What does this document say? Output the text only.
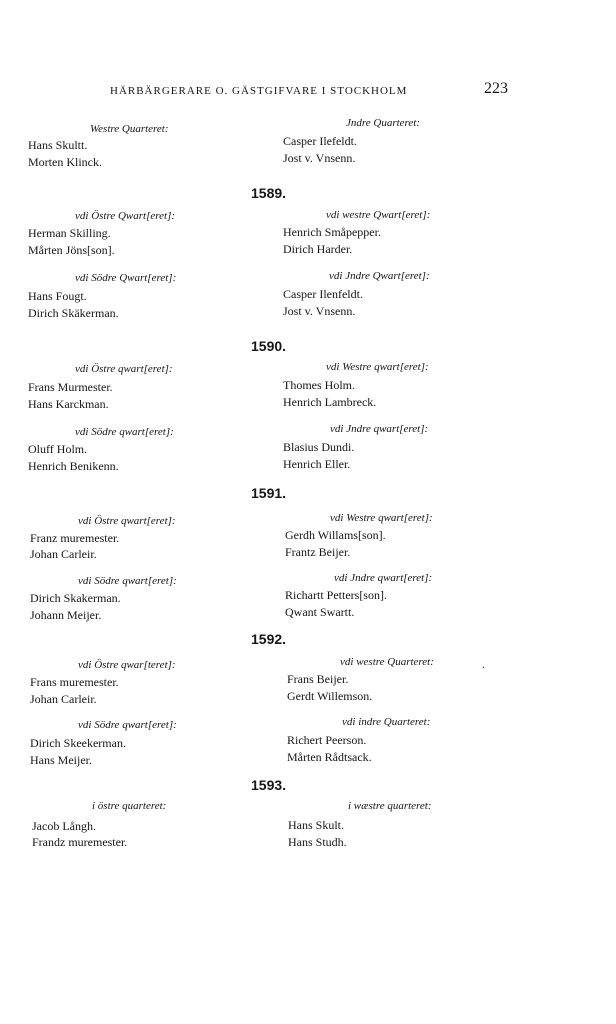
HÄRBÄRGERARE O. GÄSTGIFVARE I STOCKHOLM	223
Westre Quarteret:
Hans Skultt.
Morten Klinck.
vdi Östre Qwart[eret]:
Herman Skilling.
Mårten Jöns[son].
vdi Södre Qwart[eret]:
Hans Fougt.
Dirich Skäkerman.
vdi Östre qwart[eret]:
Frans Murmester.
Hans Karckman.
vdi Södre qwart[eret]:
Oluff Holm.
Henrich Benikenn.
vdi Östre qwart[eret]:
Franz muremester.
Johan Carleir.
vdi Södre qwart[eret]:
Dirich Skakerman.
Johann Meijer.
vdi Östre qwar[teret]:
Frans muremester.
Johan Carleir.
vdi Södre qwart[eret]:
Dirich Skeekerman.
Hans Meijer.
i östre quarteret:
Jacob Långh.
Frandz muremester.
Jndre Quarteret:
Casper Ilefeldt.
Jost v. Vnsenn.
1589.
vdi westre Qwart[eret]:
Henrich Småpepper.
Dirich Harder.
vdi Jndre Qwart[eret]:
Casper Ilenfeldt.
Jost v. Vnsenn.
1590.
vdi Westre qwart[eret]:
Thomes Holm.
Henrich Lambreck.
vdi Jndre qwart[eret]:
Blasius Dundi.
Henrich Eller.
1591.
vdi Westre qwart[eret]:
Gerdh Willams[son].
Frantz Beijer.
vdi Jndre qwart[eret]:
Richartt Petters[son].
Qwant Swartt.
1592.
vdi westre Quarteret:	.
Frans Beijer.
Gerdt Willemson.
vdi indre Quarteret:
Richert Peerson.
Mårten Rådtsack.
1593.
i wæstre quarteret:
Hans Skult.
Hans Studh.
